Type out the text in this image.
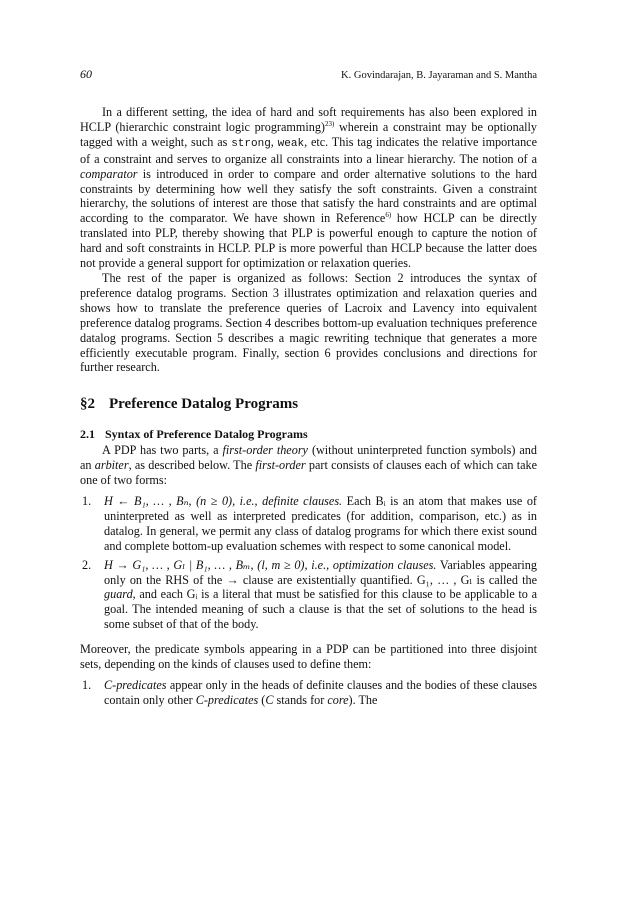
60	K. Govindarajan, B. Jayaraman and S. Mantha

In a different setting, the idea of hard and soft requirements has also been explored in HCLP (hierarchic constraint logic programming)$^{23)}$ wherein a constraint may be optionally tagged with a weight, such as strong, weak, etc. This tag indicates the relative importance of a constraint and serves to organize all constraints into a linear hierarchy. The notion of a comparator is introduced in order to compare and order alternative solutions to the hard constraints by determining how well they satisfy the soft constraints. Given a constraint hierarchy, the solutions of interest are those that satisfy the hard constraints and are optimal according to the comparator. We have shown in Reference$^{6)}$ how HCLP can be directly translated into PLP, thereby showing that PLP is powerful enough to capture the notion of hard and soft constraints in HCLP. PLP is more powerful than HCLP because the latter does not provide a general support for optimization or relaxation queries.

The rest of the paper is organized as follows: Section 2 introduces the syntax of preference datalog programs. Section 3 illustrates optimization and relaxation queries and shows how to translate the preference queries of Lacroix and Lavency into equivalent preference datalog programs. Section 4 describes bottom-up evaluation techniques preference datalog programs. Section 5 describes a magic rewriting technique that generates a more efficiently executable program. Finally, section 6 provides conclusions and directions for further research.

§2 Preference Datalog Programs
2.1 Syntax of Preference Datalog Programs

A PDP has two parts, a first-order theory (without uninterpreted function symbols) and an arbiter, as described below. The first-order part consists of clauses each of which can take one of two forms:

1.	H ← B₁, … , Bₙ, (n ≥ 0), i.e., definite clauses. Each Bᵢ is an atom that makes use of uninterpreted as well as interpreted predicates (for addition, comparison, etc.) as in datalog. In general, we permit any class of datalog programs for which there exist sound and complete bottom-up evaluation schemes with respect to some canonical model.
2.	H → G₁, … , Gₗ | B₁, … , Bₘ, (l, m ≥ 0), i.e., optimization clauses. Variables appearing only on the RHS of the → clause are existentially quantified. G₁, … , Gₗ is called the guard, and each Gᵢ is a literal that must be satisfied for this clause to be applicable to a goal. The intended meaning of such a clause is that the set of solutions to the head is some subset of that of the body.

Moreover, the predicate symbols appearing in a PDP can be partitioned into three disjoint sets, depending on the kinds of clauses used to define them:

1.	C-predicates appear only in the heads of definite clauses and the bodies of these clauses contain only other C-predicates (C stands for core). The
